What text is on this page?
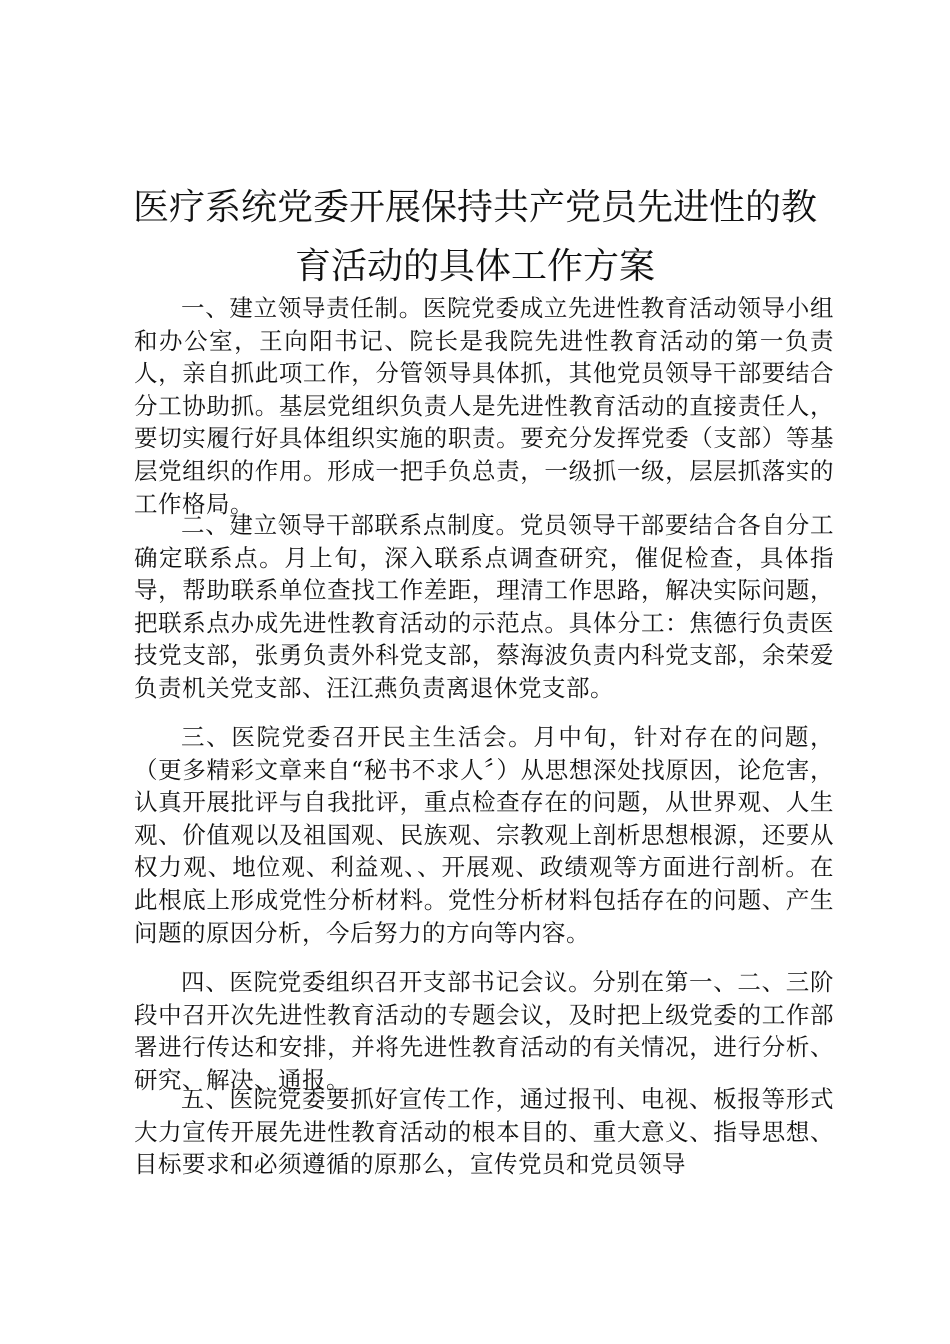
医疗系统党委开展保持共产党员先进性的教
育活动的具体工作方案

一、建立领导责任制。医院党委成立先进性教育活动领导小组和办公室，王向阳书记、院长是我院先进性教育活动的第一负责人，亲自抓此项工作，分管领导具体抓，其他党员领导干部要结合分工协助抓。基层党组织负责人是先进性教育活动的直接责任人，要切实履行好具体组织实施的职责。要充分发挥党委（支部）等基层党组织的作用。形成一把手负总责，一级抓一级，层层抓落实的工作格局。

二、建立领导干部联系点制度。党员领导干部要结合各自分工确定联系点。月上旬，深入联系点调查研究，催促检查，具体指导，帮助联系单位查找工作差距，理清工作思路，解决实际问题，把联系点办成先进性教育活动的示范点。具体分工：焦德行负责医技党支部，张勇负责外科党支部，蔡海波负责内科党支部，余荣爱负责机关党支部、汪江燕负责离退休党支部。

三、医院党委召开民主生活会。月中旬，针对存在的问题，（更多精彩文章来自“秘书不求人〞）从思想深处找原因，论危害，认真开展批评与自我批评，重点检查存在的问题，从世界观、人生观、价值观以及祖国观、民族观、宗教观上剖析思想根源，还要从权力观、地位观、利益观、、开展观、政绩观等方面进行剖析。在此根底上形成党性分析材料。党性分析材料包括存在的问题、产生问题的原因分析，今后努力的方向等内容。

四、医院党委组织召开支部书记会议。分别在第一、二、三阶段中召开次先进性教育活动的专题会议，及时把上级党委的工作部署进行传达和安排，并将先进性教育活动的有关情况，进行分析、研究、解决、通报。

五、医院党委要抓好宣传工作，通过报刊、电视、板报等形式大力宣传开展先进性教育活动的根本目的、重大意义、指导思想、目标要求和必须遵循的原那么，宣传党员和党员领导
